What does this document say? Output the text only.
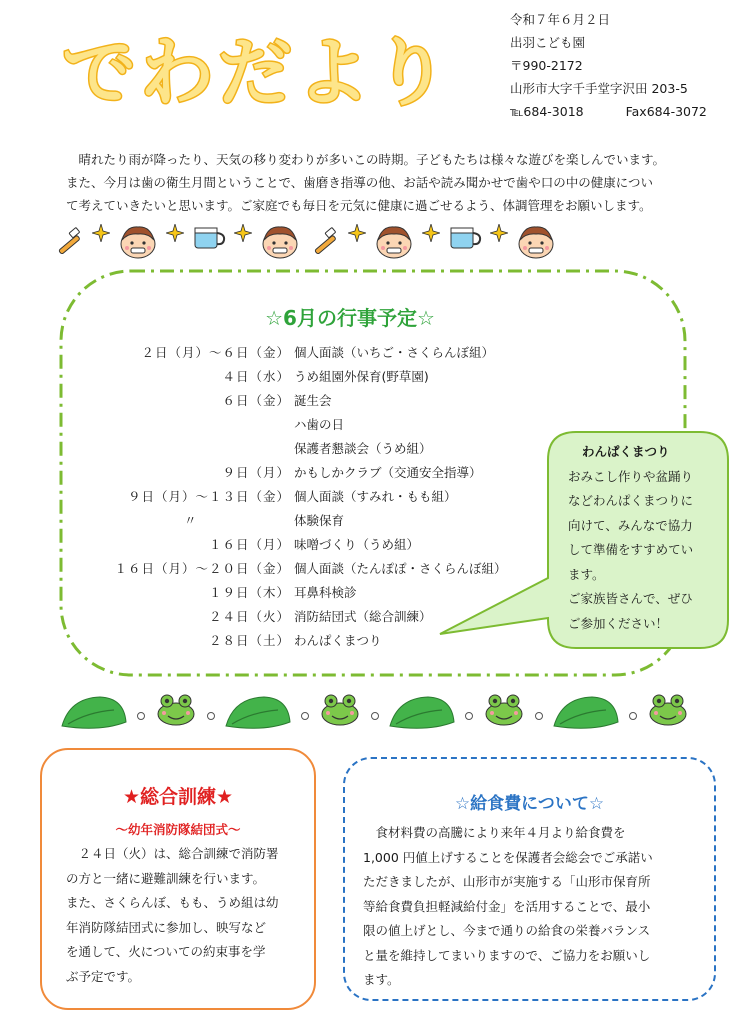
でわだより
令和７年６月２日
出羽こども園
〒990-2172
山形市大字千手堂字沢田 203-5
℡684-3018	Fax684-3072

晴れたり雨が降ったり、天気の移り変わりが多いこの時期。子どもたちは様々な遊びを楽しんでいます。

また、今月は歯の衛生月間ということで、歯磨き指導の他、お話や読み聞かせで歯や口の中の健康につい

て考えていきたいと思います。ご家庭でも毎日を元気に健康に過ごせるよう、体調管理をお願いします。

☆6月の行事予定☆
２日（月）～６日（金） 個人面談（いちご・さくらんぼ組）
４日（水） うめ組園外保育(野草園)
６日（金） 誕生会
ハ歯の日
保護者懇談会（うめ組）
９日（月） かもしかクラブ（交通安全指導）
９日（月）～１３日（金） 個人面談（すみれ・もも組）
〃	体験保育
１６日（月） 味噌づくり（うめ組）
１６日（月）～２０日（金） 個人面談（たんぽぽ・さくらんぼ組）
１９日（木） 耳鼻科検診
２４日（火） 消防結団式（総合訓練）
２８日（土） わんぱくまつり
わんぱくまつり
おみこし作りや盆踊り
などわんぱくまつりに
向けて、みんなで協力
して準備をすすめてい
ます。
ご家族皆さんで、ぜひ
ご参加ください！
★総合訓練★
～幼年消防隊結団式～
２４日（火）は、総合訓練で消防署
の方と一緒に避難訓練を行います。
また、さくらんぼ、もも、うめ組は幼
年消防隊結団式に参加し、映写など
を通して、火についての約束事を学
ぶ予定です。
☆給食費について☆
食材料費の高騰により来年４月より給食費を
1,000 円値上げすることを保護者会総会でご承諾い
ただきましたが、山形市が実施する「山形市保育所
等給食費負担軽減給付金」を活用することで、最小
限の値上げとし、今まで通りの給食の栄養バランス
と量を維持してまいりますので、ご協力をお願いし
ます。
